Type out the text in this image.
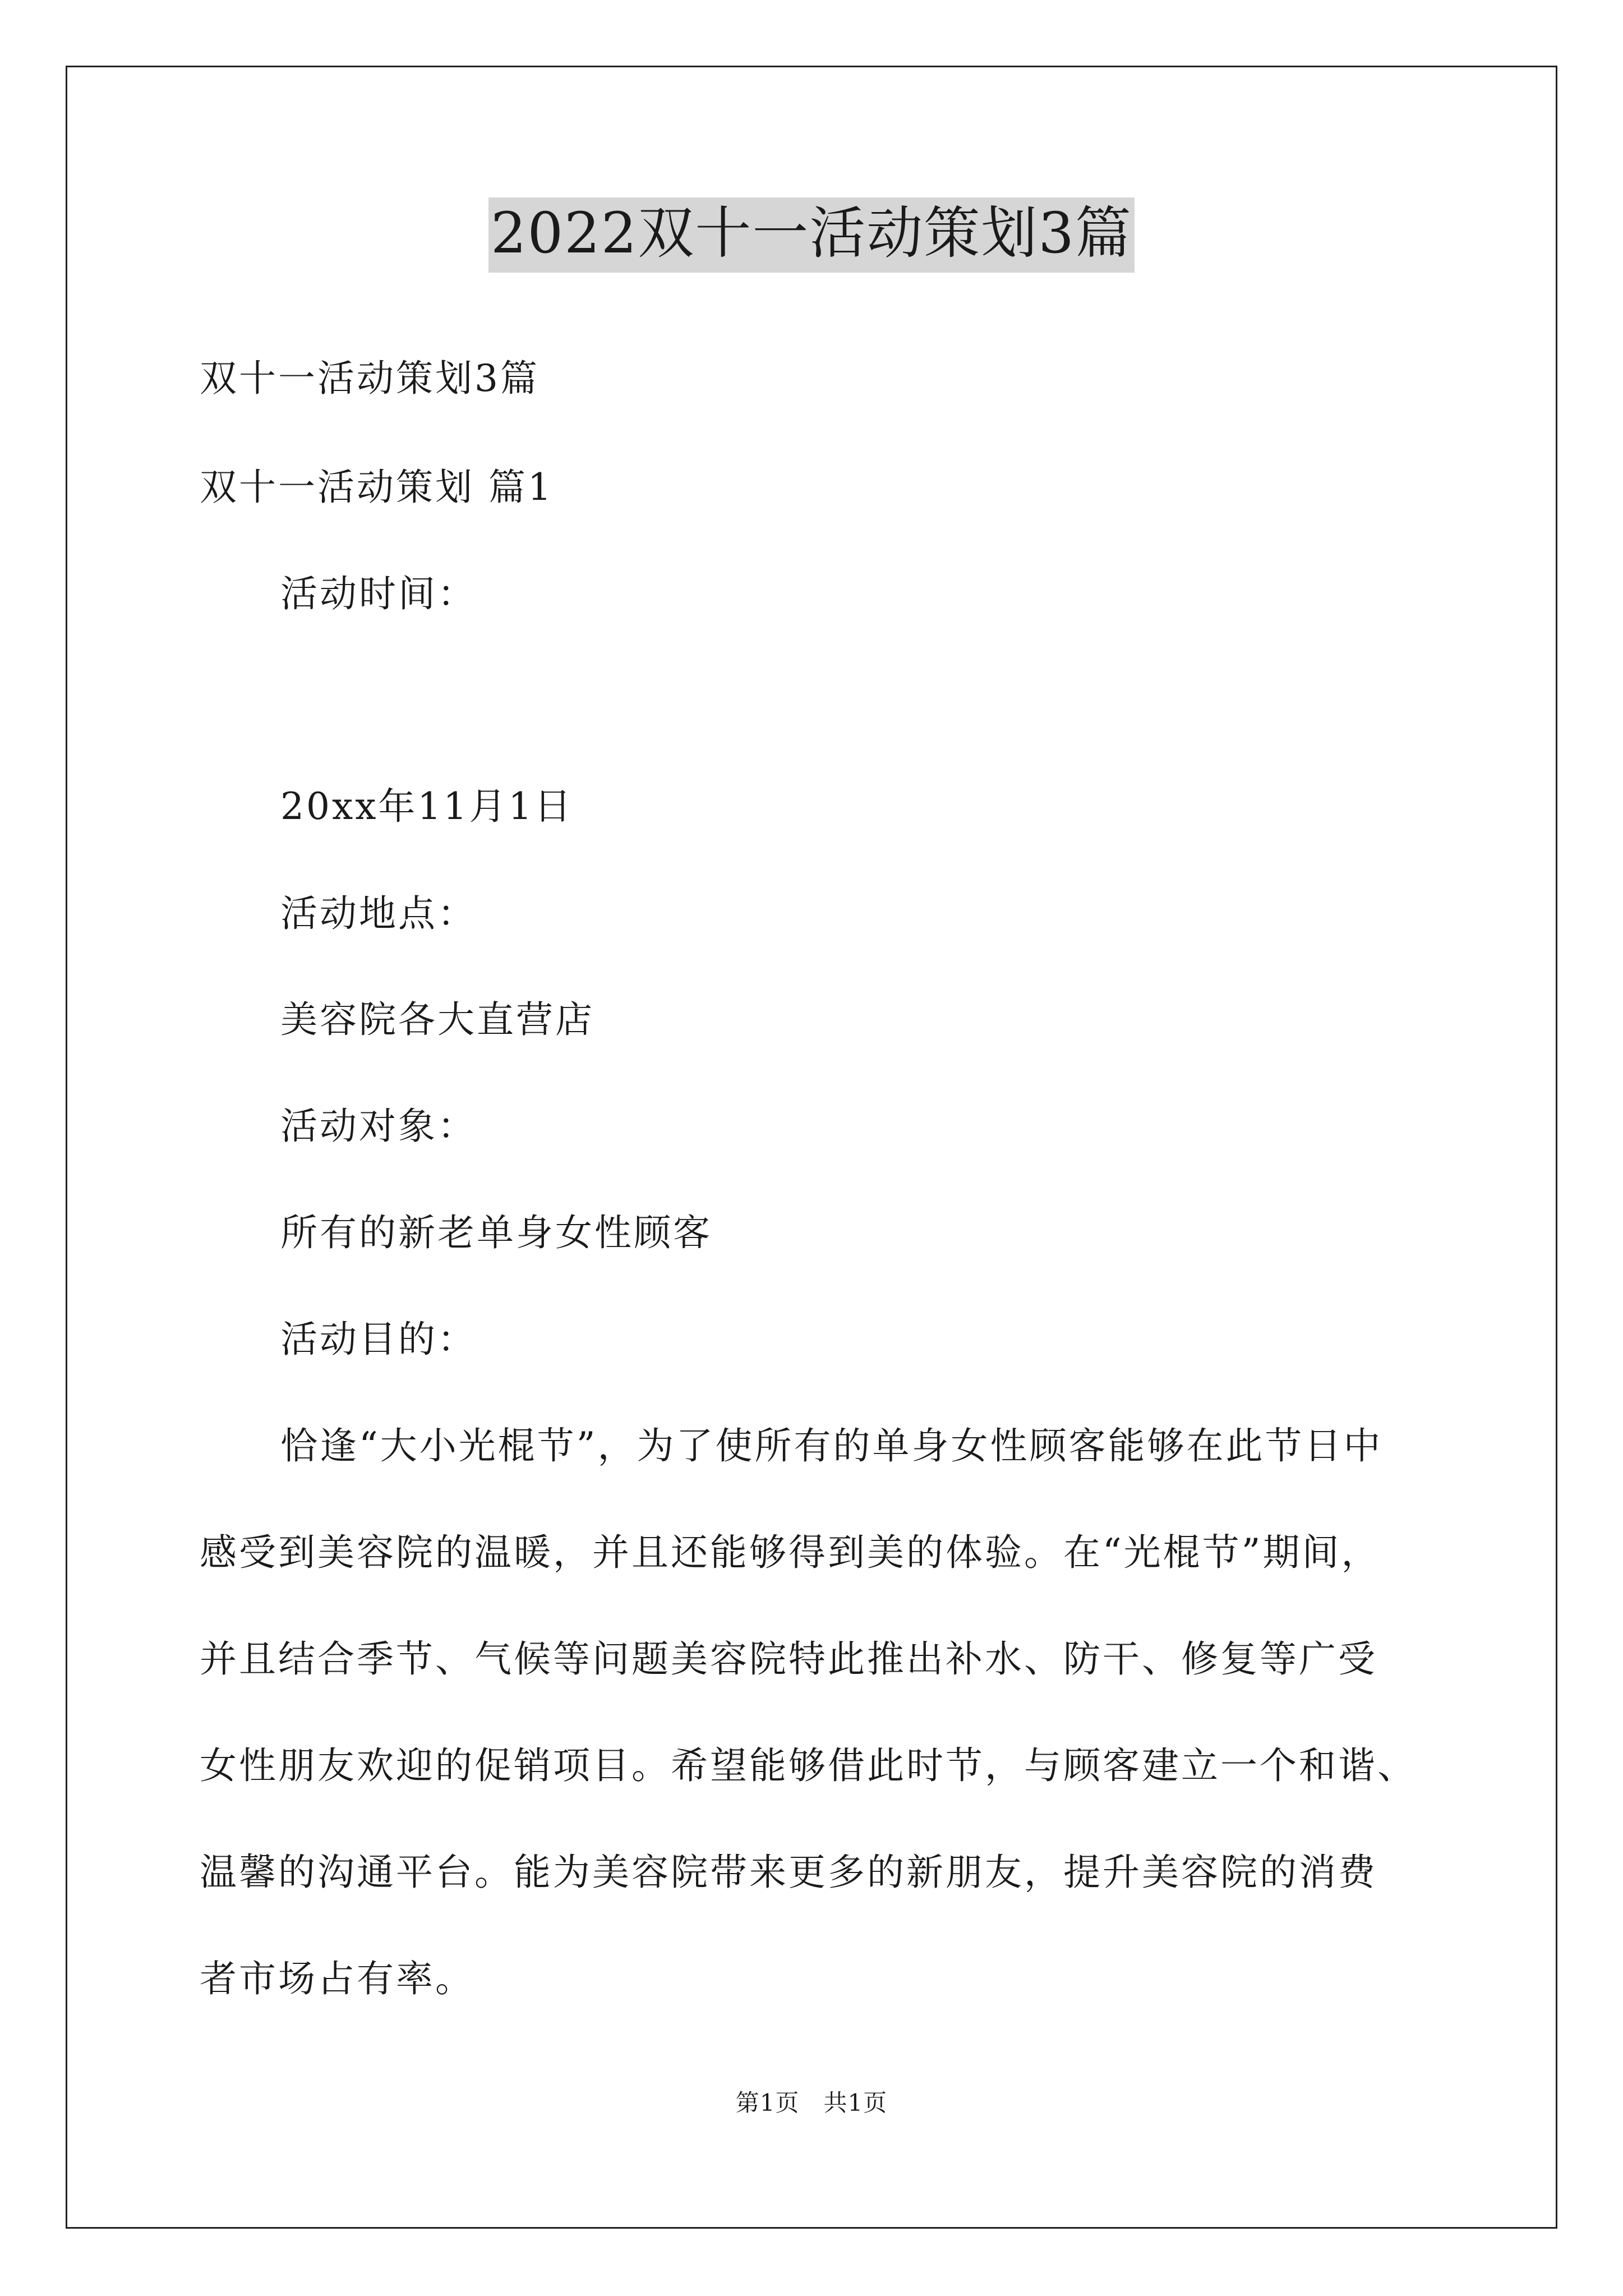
2022双十一活动策划3篇
双十一活动策划3篇
双十一活动策划 篇1
活动时间：
20xx年11月1日
活动地点：
美容院各大直营店
活动对象：
所有的新老单身女性顾客
活动目的：
恰逢“大小光棍节”，为了使所有的单身女性顾客能够在此节日中
感受到美容院的温暖，并且还能够得到美的体验。在“光棍节”期间，
并且结合季节、气候等问题美容院特此推出补水、防干、修复等广受
女性朋友欢迎的促销项目。希望能够借此时节，与顾客建立一个和谐、
温馨的沟通平台。能为美容院带来更多的新朋友，提升美容院的消费
者市场占有率。
第1页　共1页
